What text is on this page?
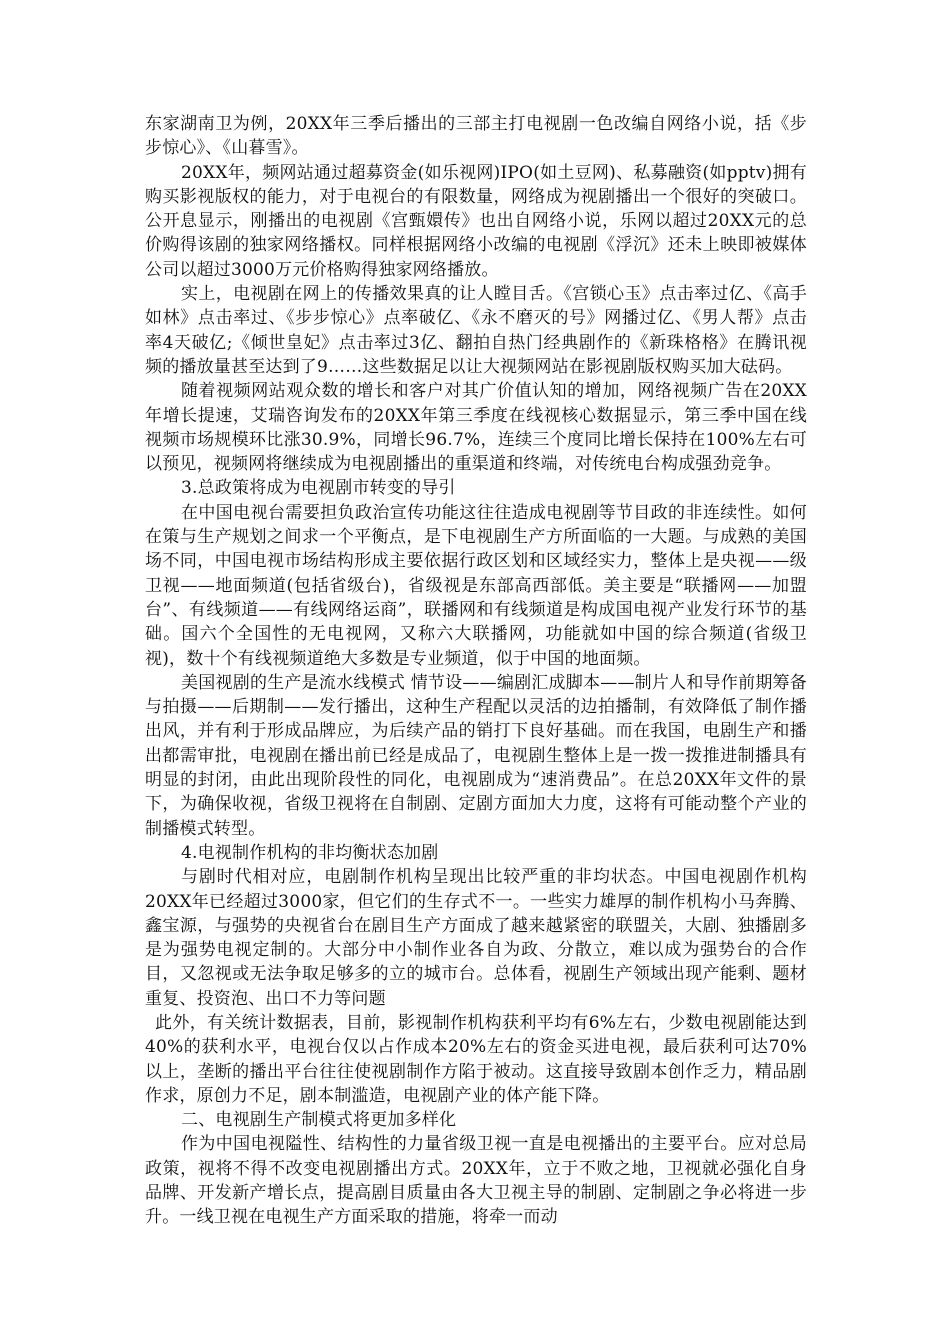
东家湖南卫为例，20XX年三季后播出的三部主打电视剧一色改编自网络小说，括《步步惊心》、《山暮雪》。

20XX年，频网站通过超募资金(如乐视网)IPO(如土豆网)、私募融资(如pptv)拥有购买影视版权的能力，对于电视台的有限数量，网络成为视剧播出一个很好的突破口。公开息显示，刚播出的电视剧《宫甄嬛传》也出自网络小说，乐网以超过20XX元的总价购得该剧的独家网络播权。同样根据网络小改编的电视剧《浮沉》还未上映即被媒体公司以超过3000万元价格购得独家网络播放。

实上，电视剧在网上的传播效果真的让人瞠目舌。《宫锁心玉》点击率过亿、《高手如林》点击率过、《步步惊心》点率破亿、《永不磨灭的号》网播过亿、《男人帮》点击率4天破亿;《倾世皇妃》点击率过3亿、翻拍自热门经典剧作的《新珠格格》在腾讯视频的播放量甚至达到了9……这些数据足以让大视频网站在影视剧版权购买加大砝码。

随着视频网站观众数的增长和客户对其广价值认知的增加，网络视频广告在20XX年增长提速，艾瑞咨询发布的20XX年第三季度在线视核心数据显示，第三季中国在线视频市场规模环比涨30.9%，同增长96.7%，连续三个度同比增长保持在100%左右可以预见，视频网将继续成为电视剧播出的重渠道和终端，对传统电台构成强劲竞争。

3.总政策将成为电视剧市转变的导引

在中国电视台需要担负政治宣传功能这往往造成电视剧等节目政的非连续性。如何在策与生产规划之间求一个平衡点，是下电视剧生产方所面临的一大题。与成熟的美国场不同，中国电视市场结构形成主要依据行政区划和区域经实力，整体上是央视——级卫视——地面频道(包括省级台)，省级视是东部高西部低。美主要是“联播网——加盟台”、有线频道——有线网络运商”，联播网和有线频道是构成国电视产业发行环节的基础。国六个全国性的无电视网，又称六大联播网，功能就如中国的综合频道(省级卫视)，数十个有线视频道绝大多数是专业频道，似于中国的地面频。

美国视剧的生产是流水线模式 情节设——编剧汇成脚本——制片人和导作前期筹备与拍摄——后期制——发行播出，这种生产程配以灵活的边拍播制，有效降低了制作播出风，并有利于形成品牌应，为后续产品的销打下良好基础。而在我国，电剧生产和播出都需审批，电视剧在播出前已经是成品了，电视剧生整体上是一拨一拨推进制播具有明显的封闭，由此出现阶段性的同化，电视剧成为“速消费品”。在总20XX年文件的景下，为确保收视，省级卫视将在自制剧、定剧方面加大力度，这将有可能动整个产业的制播模式转型。

4.电视制作机构的非均衡状态加剧

与剧时代相对应，电剧制作机构呈现出比较严重的非均状态。中国电视剧作机构20XX年已经超过3000家，但它们的生存式不一。一些实力雄厚的制作机构小马奔腾、鑫宝源，与强势的央视省台在剧目生产方面成了越来越紧密的联盟关，大剧、独播剧多是为强势电视定制的。大部分中小制作业各自为政、分散立，难以成为强势台的合作目，又忽视或无法争取足够多的立的城市台。总体看，视剧生产领域出现产能剩、题材重复、投资泡、出口不力等问题

此外，有关统计数据表，目前，影视制作机构获利平均有6%左右，少数电视剧能达到40%的获利水平，电视台仅以占作成本20%左右的资金买进电视，最后获利可达70%以上，垄断的播出平台往往使视剧制作方陷于被动。这直接导致剧本创作乏力，精品剧作求，原创力不足，剧本制滥造，电视剧产业的体产能下降。

二、电视剧生产制模式将更加多样化

作为中国电视隘性、结构性的力量省级卫视一直是电视播出的主要平台。应对总局政策，视将不得不改变电视剧播出方式。20XX年，立于不败之地，卫视就必强化自身品牌、开发新产增长点，提高剧目质量由各大卫视主导的制剧、定制剧之争必将进一步升。一线卫视在电视生产方面采取的措施，将牵一而动
